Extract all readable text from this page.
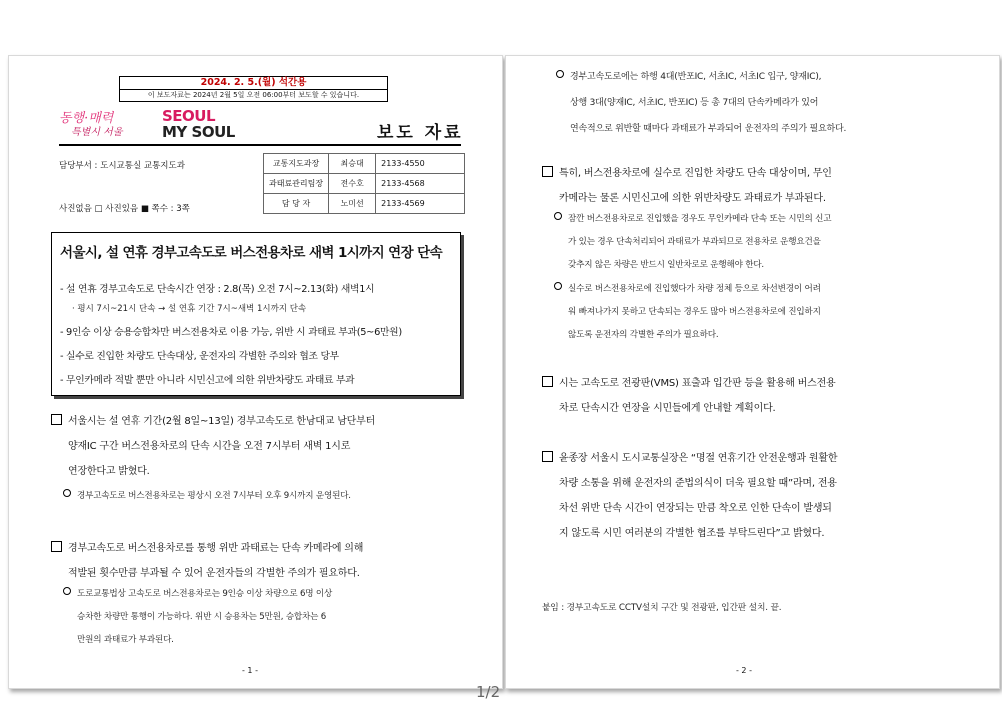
2024. 2. 5.(월) 석간용
이 보도자료는 2024년 2월 5일 오전 06:00부터 보도할 수 있습니다.
동행·매력
특별시 서울
SEOUL
MY SOUL	보도 자료
담당부서 : 도시교통실 교통지도과
사진없음 □ 사진있음 ■ 쪽수 : 3쪽
교통지도과장	최승대	2133-4550
과태료관리팀장	전수호	2133-4568
담 당 자	노미선	2133-4569
서울시, 설 연휴 경부고속도로 버스전용차로 새벽 1시까지 연장 단속
- 설 연휴 경부고속도로 단속시간 연장 : 2.8(목) 오전 7시~2.13(화) 새벽1시
· 평시 7시~21시 단속 → 설 연휴 기간 7시~새벽 1시까지 단속
- 9인승 이상 승용승합차만 버스전용차로 이용 가능, 위반 시 과태료 부과(5~6만원)
- 실수로 진입한 차량도 단속대상, 운전자의 각별한 주의와 협조 당부
- 무인카메라 적발 뿐만 아니라 시민신고에 의한 위반차량도 과태료 부과
서울시는 설 연휴 기간(2월 8일~13일) 경부고속도로 한남대교 남단부터
양재IC 구간 버스전용차로의 단속 시간을 오전 7시부터 새벽 1시로
연장한다고 밝혔다.
경부고속도로 버스전용차로는 평상시 오전 7시부터 오후 9시까지 운영된다.
경부고속도로 버스전용차로를 통행 위반 과태료는 단속 카메라에 의해
적발된 횟수만큼 부과될 수 있어 운전자들의 각별한 주의가 필요하다.
도로교통법상 고속도로 버스전용차로는 9인승 이상 차량으로 6명 이상
승차한 차량만 통행이 가능하다. 위반 시 승용차는 5만원, 승합차는 6
만원의 과태료가 부과된다.
- 1 -
경부고속도로에는 하행 4대(반포IC, 서초IC, 서초IC 입구, 양재IC),
상행 3대(양재IC, 서초IC, 반포IC) 등 총 7대의 단속카메라가 있어
연속적으로 위반할 때마다 과태료가 부과되어 운전자의 주의가 필요하다.
특히, 버스전용차로에 실수로 진입한 차량도 단속 대상이며, 무인
카메라는 물론 시민신고에 의한 위반차량도 과태료가 부과된다.
잠깐 버스전용차로로 진입했을 경우도 무인카메라 단속 또는 시민의 신고
가 있는 경우 단속처리되어 과태료가 부과되므로 전용차로 운행요건을
갖추지 않은 차량은 반드시 일반차로로 운행해야 한다.
실수로 버스전용차로에 진입했다가 차량 정체 등으로 차선변경이 어려
워 빠져나가지 못하고 단속되는 경우도 많아 버스전용차로에 진입하지
않도록 운전자의 각별한 주의가 필요하다.
시는 고속도로 전광판(VMS) 표출과 입간판 등을 활용해 버스전용
차로 단속시간 연장을 시민들에게 안내할 계획이다.
윤종장 서울시 도시교통실장은 “명절 연휴기간 안전운행과 원활한
차량 소통을 위해 운전자의 준법의식이 더욱 필요할 때”라며, 전용
차선 위반 단속 시간이 연장되는 만큼 착오로 인한 단속이 발생되
지 않도록 시민 여러분의 각별한 협조를 부탁드린다”고 밝혔다.
붙임 : 경부고속도로 CCTV설치 구간 및 전광판, 입간판 설치. 끝.
- 2 -
1/2
